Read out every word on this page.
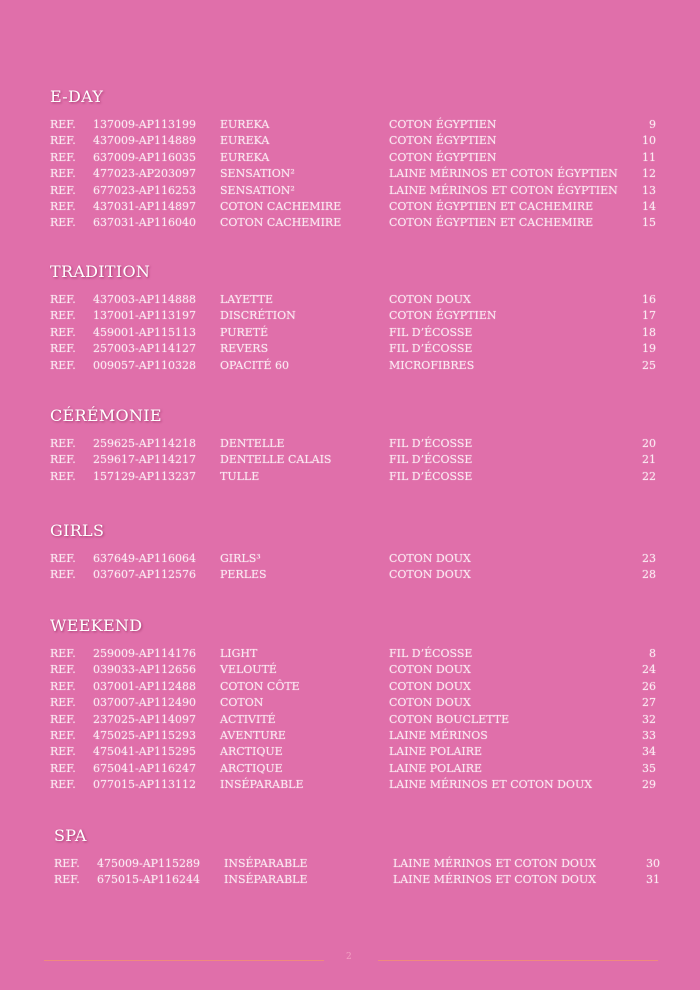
E-DAY
REF. 137009-AP113199 EUREKA	COTON ÉGYPTIEN	9
REF. 437009-AP114889 EUREKA	COTON ÉGYPTIEN	10
REF. 637009-AP116035 EUREKA	COTON ÉGYPTIEN	11
REF. 477023-AP203097 SENSATION²	LAINE MÉRINOS ET COTON ÉGYPTIEN 12
REF. 677023-AP116253 SENSATION²	LAINE MÉRINOS ET COTON ÉGYPTIEN 13
REF. 437031-AP114897 COTON CACHEMIRE	COTON ÉGYPTIEN ET CACHEMIRE	14
REF. 637031-AP116040 COTON CACHEMIRE	COTON ÉGYPTIEN ET CACHEMIRE	15
TRADITION
REF. 437003-AP114888 LAYETTE	COTON DOUX	16
REF. 137001-AP113197 DISCRÉTION	COTON ÉGYPTIEN	17
REF. 459001-AP115113 PURETÉ	FIL D’ÉCOSSE	18
REF. 257003-AP114127 REVERS	FIL D’ÉCOSSE	19
REF. 009057-AP110328 OPACITÉ 60	MICROFIBRES	25
CÉRÉMONIE
REF. 259625-AP114218 DENTELLE	FIL D’ÉCOSSE	20
REF. 259617-AP114217 DENTELLE CALAIS	FIL D’ÉCOSSE	21
REF. 157129-AP113237 TULLE	FIL D’ÉCOSSE	22
GIRLS
REF. 637649-AP116064 GIRLS³	COTON DOUX	23
REF. 037607-AP112576 PERLES	COTON DOUX	28
WEEKEND
REF. 259009-AP114176 LIGHT	FIL D’ÉCOSSE	8
REF. 039033-AP112656 VELOUTÉ	COTON DOUX	24
REF. 037001-AP112488 COTON CÔTE	COTON DOUX	26
REF. 037007-AP112490 COTON	COTON DOUX	27
REF. 237025-AP114097 ACTIVITÉ	COTON BOUCLETTE	32
REF. 475025-AP115293 AVENTURE	LAINE MÉRINOS	33
REF. 475041-AP115295 ARCTIQUE	LAINE POLAIRE	34
REF. 675041-AP116247 ARCTIQUE	LAINE POLAIRE	35
REF. 077015-AP113112 INSÉPARABLE	LAINE MÉRINOS ET COTON DOUX	29
SPA
REF. 475009-AP115289 INSÉPARABLE	LAINE MÉRINOS ET COTON DOUX	30
REF. 675015-AP116244 INSÉPARABLE	LAINE MÉRINOS ET COTON DOUX	31
2
